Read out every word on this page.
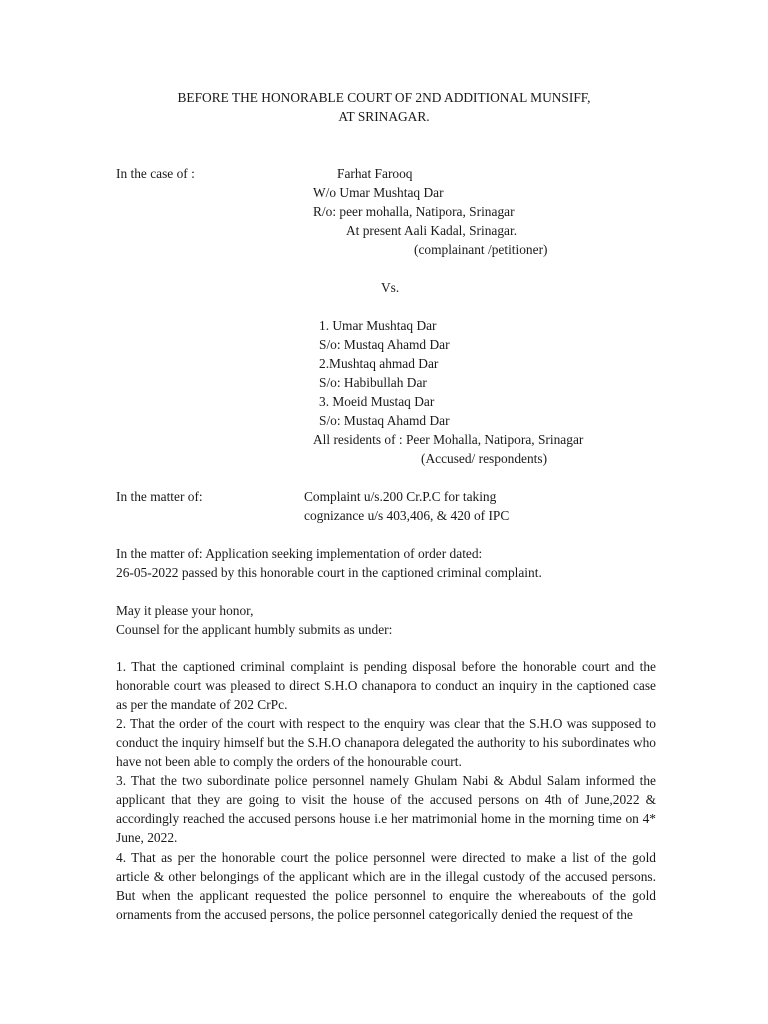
BEFORE THE HONORABLE COURT OF 2ND ADDITIONAL MUNSIFF,
AT SRINAGAR.
In the case of :	Farhat Farooq
W/o Umar Mushtaq Dar
R/o: peer mohalla, Natipora, Srinagar
At present Aali Kadal, Srinagar.
(complainant /petitioner)
Vs.
1. Umar Mushtaq Dar
S/o: Mustaq Ahamd Dar
2.Mushtaq ahmad Dar
S/o: Habibullah Dar
3. Moeid Mustaq Dar
S/o: Mustaq Ahamd Dar
All residents of : Peer Mohalla, Natipora, Srinagar
(Accused/ respondents)
In the matter of:	Complaint u/s.200 Cr.P.C for taking
cognizance u/s 403,406, & 420 of IPC
In the matter of: Application seeking implementation of order dated:
26-05-2022 passed by this honorable court in the captioned criminal complaint.
May it please your honor,
Counsel for the applicant humbly submits as under:
1. That the captioned criminal complaint is pending disposal before the honorable court and the honorable court was pleased to direct S.H.O chanapora to conduct an inquiry in the captioned case as per the mandate of 202 CrPc.
2. That the order of the court with respect to the enquiry was clear that the S.H.O was supposed to conduct the inquiry himself but the S.H.O chanapora delegated the authority to his subordinates who have not been able to comply the orders of the honourable court.
3. That the two subordinate police personnel namely Ghulam Nabi & Abdul Salam informed the applicant that they are going to visit the house of the accused persons on 4th of June,2022 & accordingly reached the accused persons house i.e her matrimonial home in the morning time on 4* June, 2022.
4. That as per the honorable court the police personnel were directed to make a list of the gold article & other belongings of the applicant which are in the illegal custody of the accused persons. But when the applicant requested the police personnel to enquire the whereabouts of the gold ornaments from the accused persons, the police personnel categorically denied the request of the
